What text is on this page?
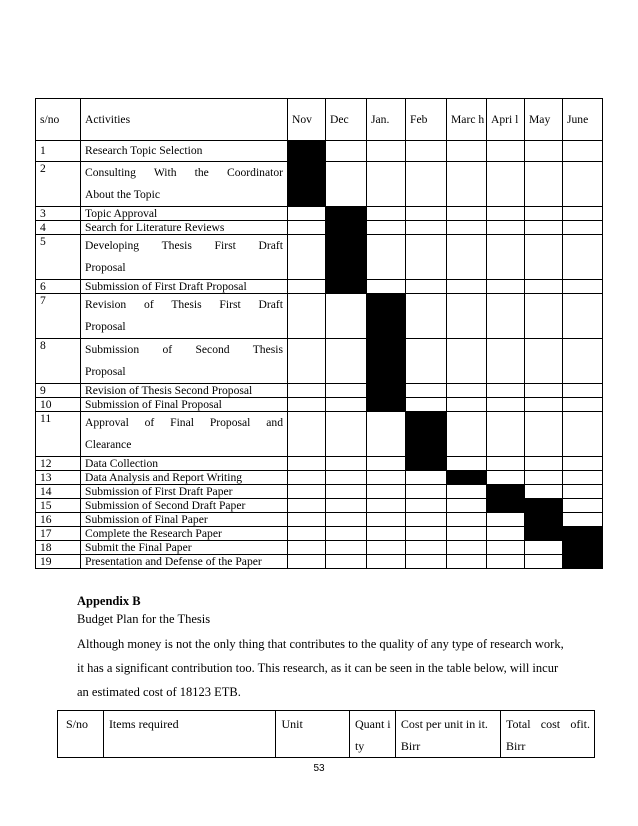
s/no	Activities	Nov	Dec	Jan.	Feb	Marc h	Apri l	May	June
1	Research Topic Selection								

2	Consulting With the Coordinator
About the Topic								

3	Topic Approval								

4	Search for Literature Reviews								

5	Developing Thesis First Draft
Proposal								

6	Submission of First Draft Proposal								

7	Revision of Thesis First Draft
Proposal								

8	Submission of Second Thesis
Proposal								

9	Revision of Thesis Second Proposal								

10	Submission of Final Proposal								

11	Approval of Final Proposal and
Clearance								

12	Data Collection								

13	Data Analysis and Report Writing								

14	Submission of First Draft Paper								

15	Submission of Second Draft Paper								

16	Submission of Final Paper								

17	Complete the Research Paper								

18	Submit the Final Paper								

19	Presentation and Defense of the Paper								

Appendix B
Budget Plan for the Thesis
Although money is not the only thing that contributes to the quality of any type of research work, it has a significant contribution too. This research, as it can be seen in the table below, will incur an estimated cost of 18123 ETB.
S/no	Items required	Unit	Quant ity	Cost per unit in it. Birr	Total cost ofit. Birr
53
